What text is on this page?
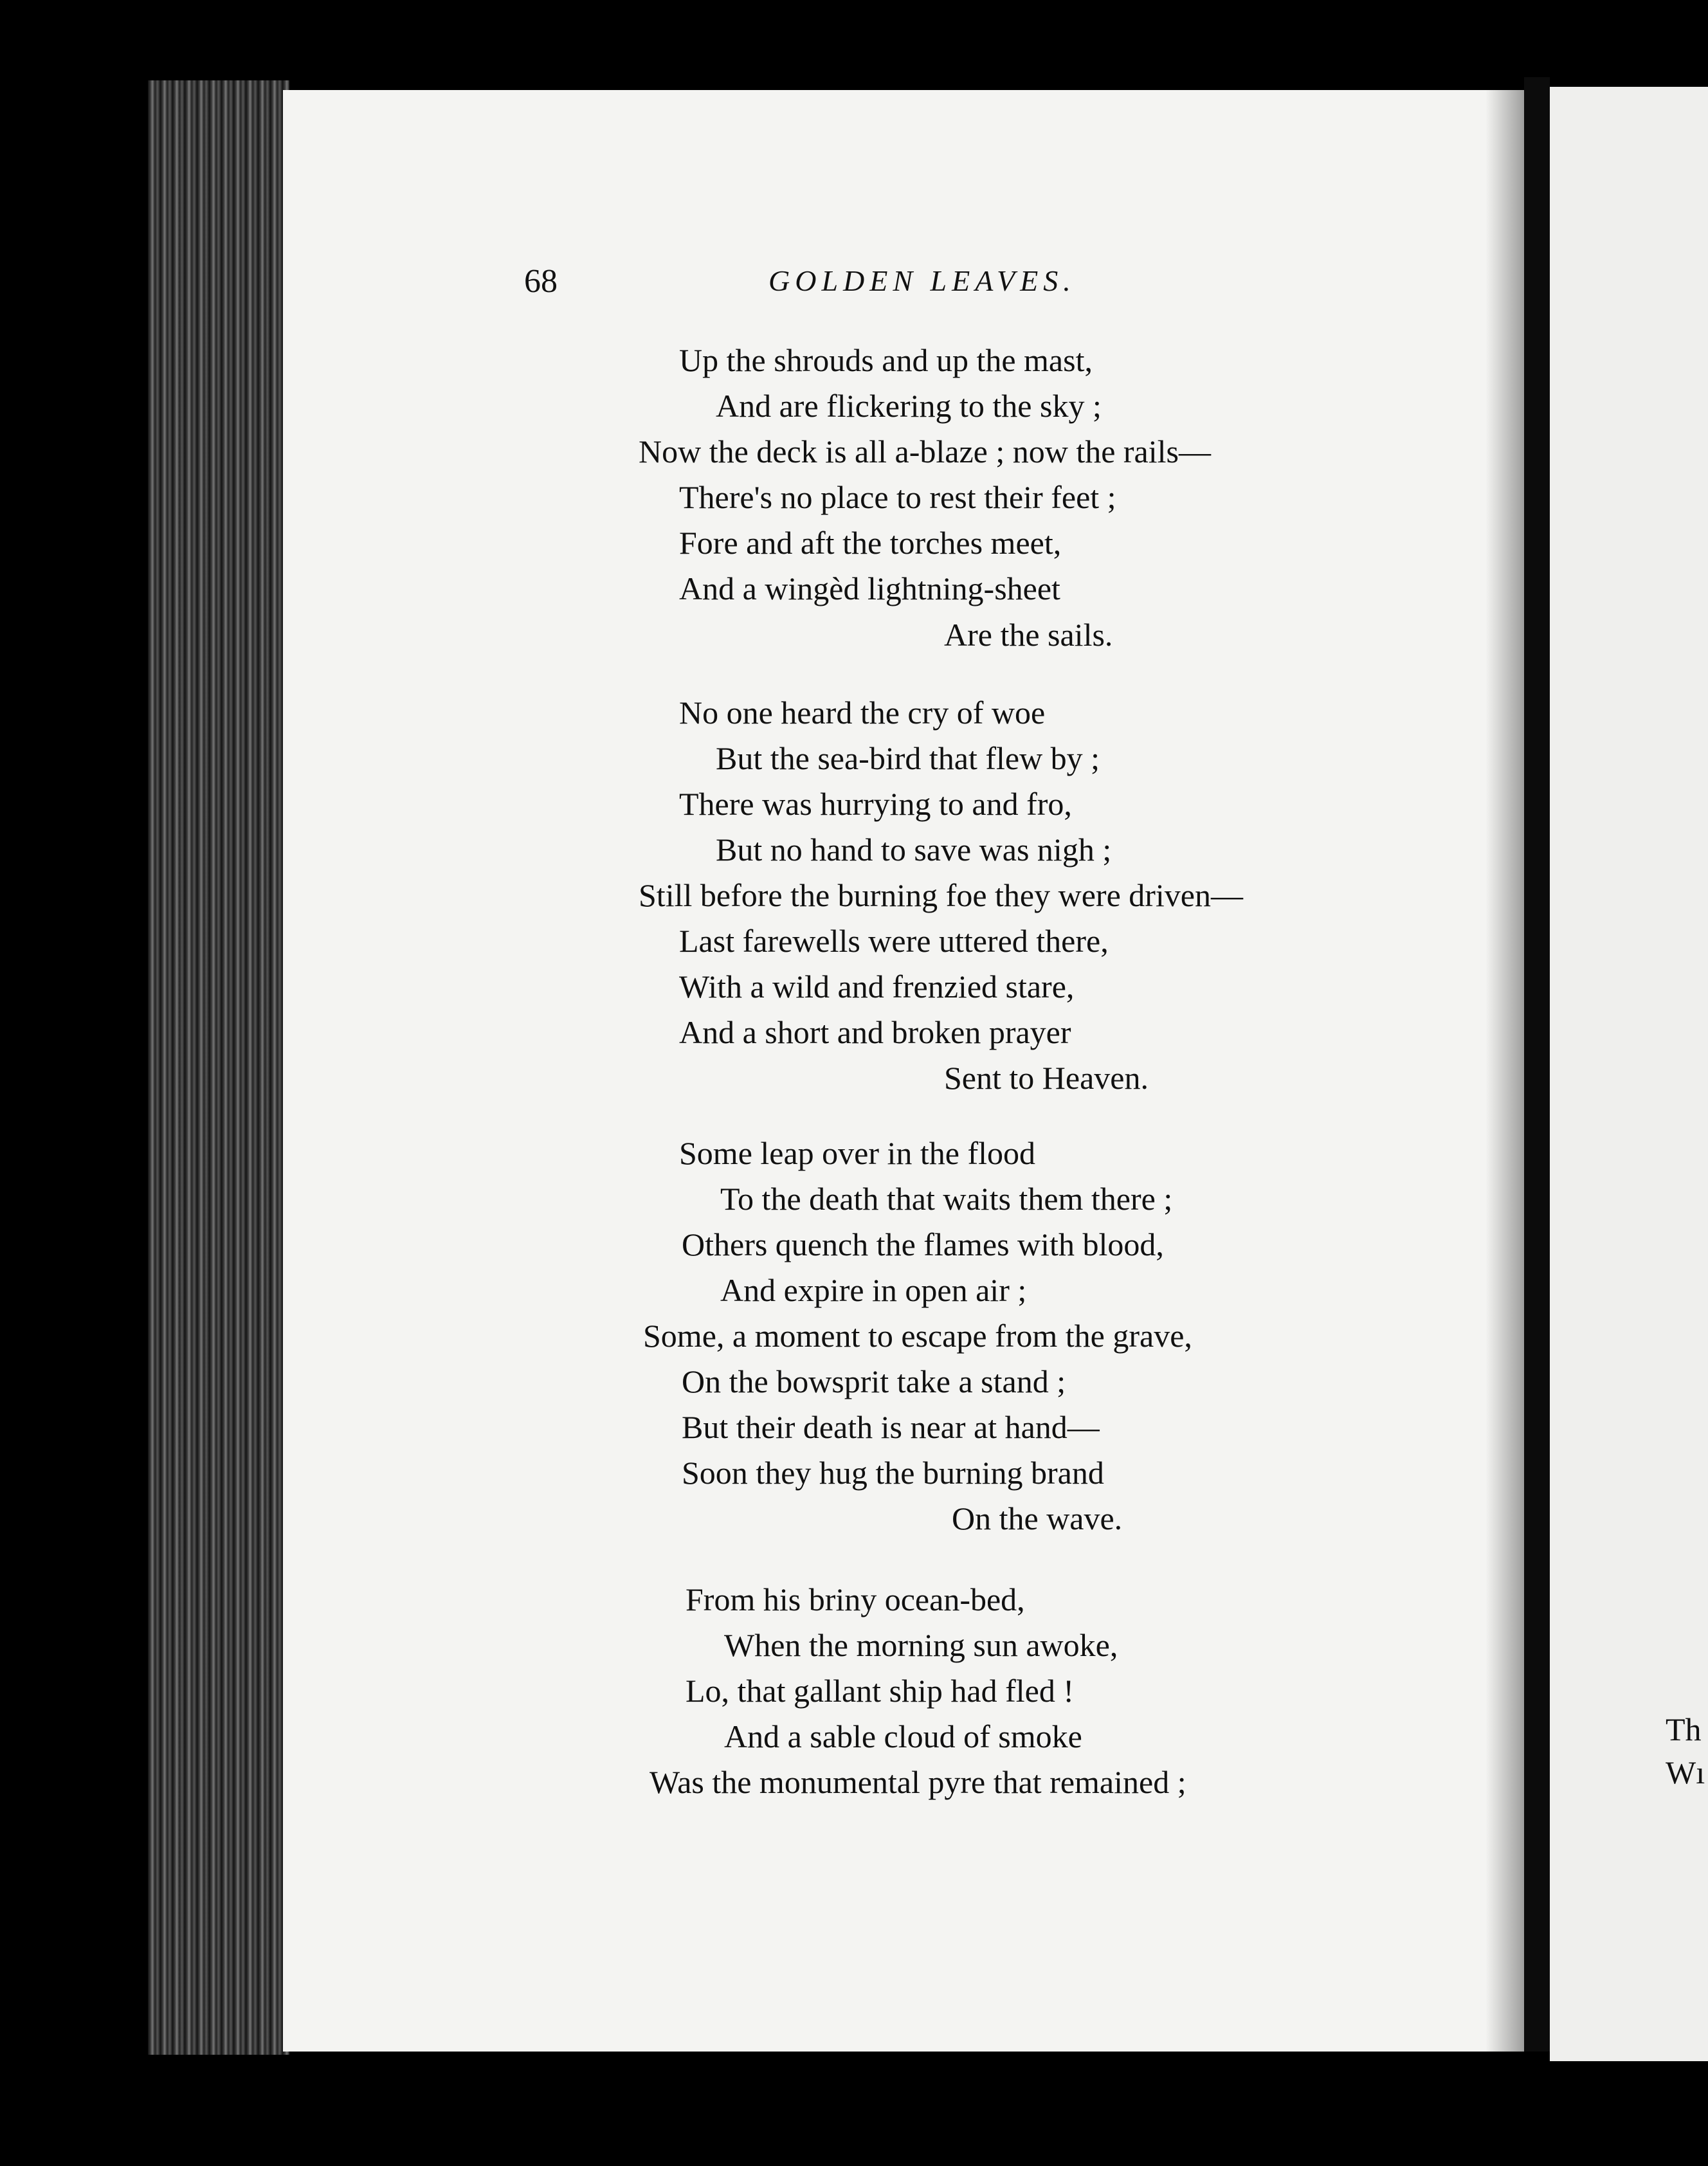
Th
Wı
68	GOLDEN LEAVES.
Up the shrouds and up the mast,
And are flickering to the sky ;
Now the deck is all a-blaze ; now the rails—
There's no place to rest their feet ;
Fore and aft the torches meet,
And a wingèd lightning-sheet
Are the sails.
No one heard the cry of woe
But the sea-bird that flew by ;
There was hurrying to and fro,
But no hand to save was nigh ;
Still before the burning foe they were driven—
Last farewells were uttered there,
With a wild and frenzied stare,
And a short and broken prayer
Sent to Heaven.
Some leap over in the flood
To the death that waits them there ;
Others quench the flames with blood,
And expire in open air ;
Some, a moment to escape from the grave,
On the bowsprit take a stand ;
But their death is near at hand—
Soon they hug the burning brand
On the wave.
From his briny ocean-bed,
When the morning sun awoke,
Lo, that gallant ship had fled !
And a sable cloud of smoke
Was the monumental pyre that remained ;
